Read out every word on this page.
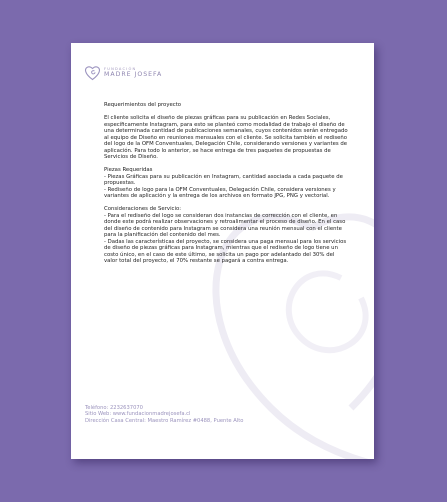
FUNDACIÓN
MADRE JOSEFA

Requerimientos del proyecto

El cliente solicita el diseño de piezas gráficas para su publicación en Redes Sociales, específicamente Instagram, para esto se planteó como modalidad de trabajo el diseño de una determinada cantidad de publicaciones semanales, cuyos contenidos serán entregado al equipo de Diseño en reuniones mensuales con el cliente. Se solicita también el rediseño del logo de la OFM Conventuales, Delegación Chile, considerando versiones y variantes de aplicación. Para todo lo anterior, se hace entrega de tres paquetes de propuestas de Servicios de Diseño.

Piezas Requeridas

- Piezas Gráficas para su publicación en Instagram, cantidad asociada a cada paquete de propuestas.

- Rediseño de logo para la OFM Conventuales, Delegación Chile, considera versiones y variantes de aplicación y la entrega de los archivos en formato JPG, PNG y vectorial.

Consideraciones de Servicio:

- Para el rediseño del logo se consideran dos instancias de corrección con el cliente, en donde este podrá realizar observaciones y retroalimentar el proceso de diseño. En el caso del diseño de contenido para Instagram se considera una reunión mensual con el cliente para la planificación del contenido del mes.

- Dadas las características del proyecto, se considera una paga mensual para los servicios de diseño de piezas gráficas para Instagram, mientras que el rediseño de logo tiene un costo único, en el caso de este último, se solicita un pago por adelantado del 30% del valor total del proyecto, el 70% restante se pagará a contra entrega.

Teléfono: 2232637070
Sitio Web: www.fundacionmadrejosefa.cl
Dirección Casa Central: Maestro Ramírez #0488, Puente Alto
